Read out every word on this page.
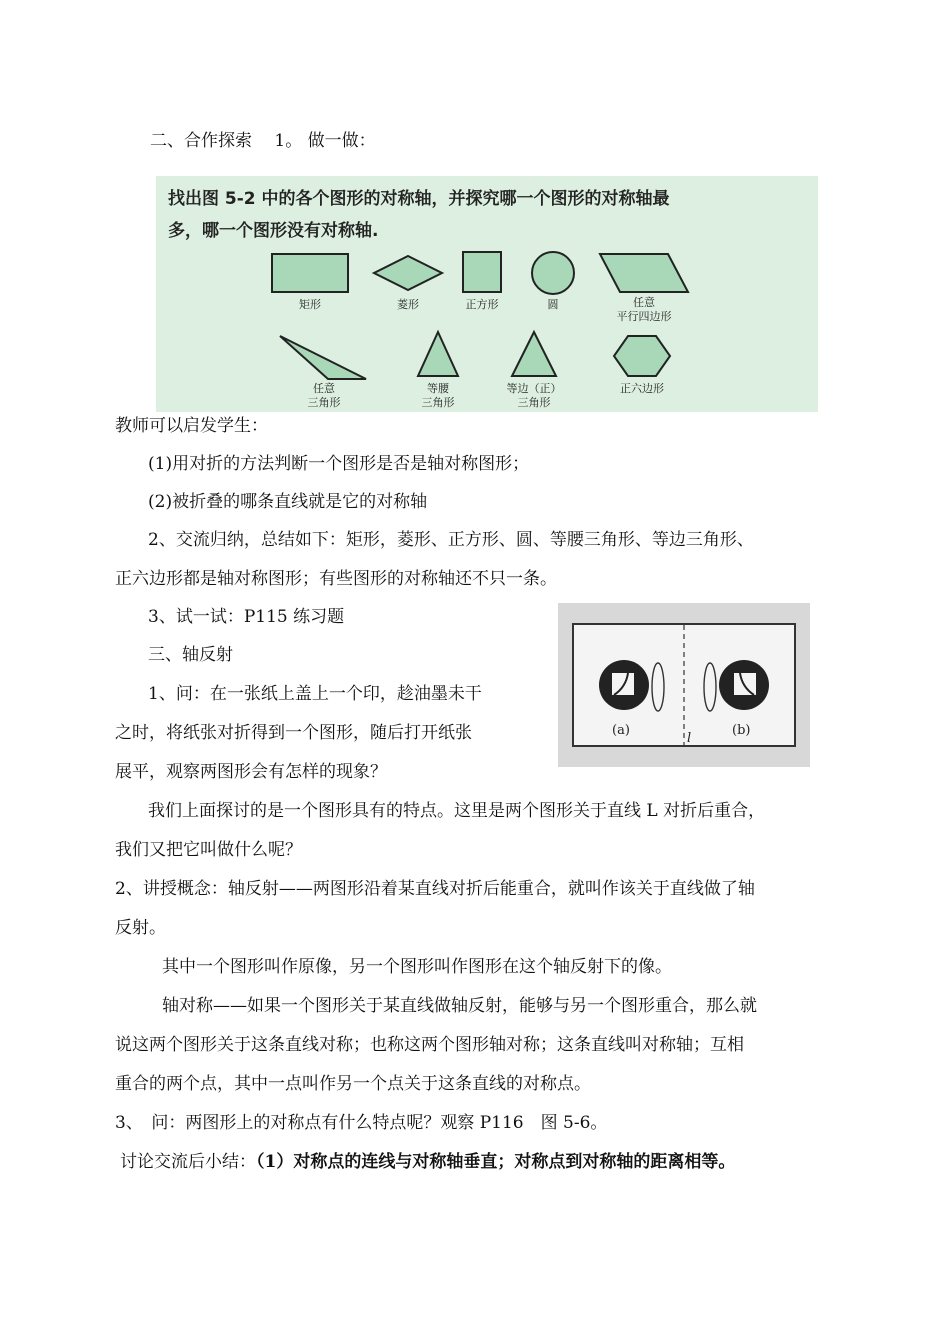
二、合作探索　 1。 做一做：
找出图 5-2 中的各个图形的对称轴，并探究哪一个图形的对称轴最
多，哪一个图形没有对称轴.
矩形	菱形	正方形	圆	任意
平行四边形
任意
三角形
等腰
三角形
等边（正）
三角形
正六边形
教师可以启发学生：
(1)用对折的方法判断一个图形是否是轴对称图形；
(2)被折叠的哪条直线就是它的对称轴
2、交流归纳，总结如下：矩形，菱形、正方形、圆、等腰三角形、等边三角形、
正六边形都是轴对称图形；有些图形的对称轴还不只一条。
3、试一试：P115 练习题
三、轴反射
1、问：在一张纸上盖上一个印，趁油墨未干
之时，将纸张对折得到一个图形，随后打开纸张
展平，观察两图形会有怎样的现象？
(a)	(b)
l
我们上面探讨的是一个图形具有的特点。这里是两个图形关于直线 L 对折后重合，
我们又把它叫做什么呢？
2、讲授概念：轴反射——两图形沿着某直线对折后能重合，就叫作该关于直线做了轴
反射。
其中一个图形叫作原像，另一个图形叫作图形在这个轴反射下的像。
轴对称——如果一个图形关于某直线做轴反射，能够与另一个图形重合，那么就
说这两个图形关于这条直线对称；也称这两个图形轴对称；这条直线叫对称轴；互相
重合的两个点，其中一点叫作另一个点关于这条直线的对称点。
3、　问：两图形上的对称点有什么特点呢？观察 P116　图 5-6。
讨论交流后小结：（1）对称点的连线与对称轴垂直；对称点到对称轴的距离相等。
